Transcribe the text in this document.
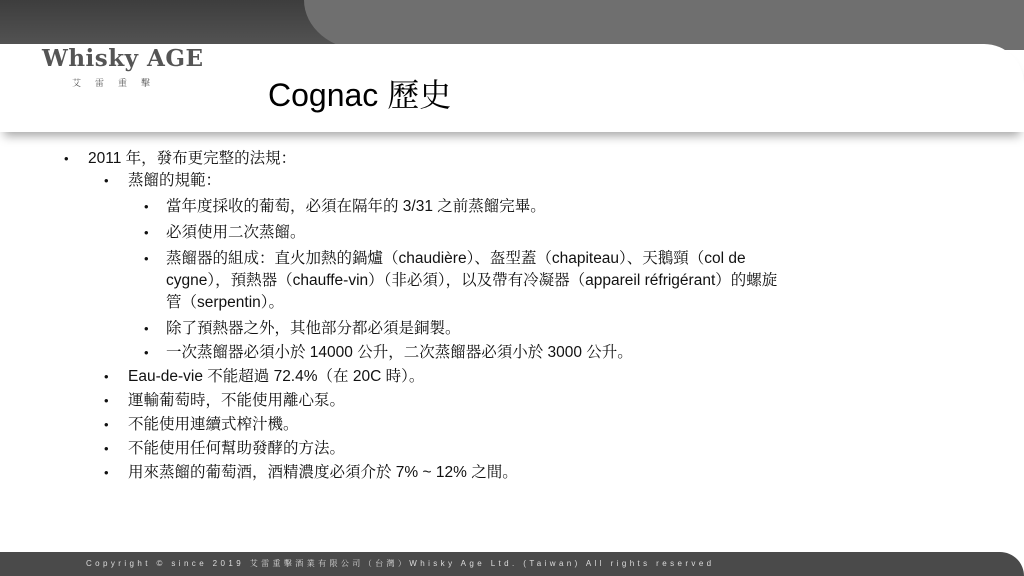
Whisky AGE
艾雷重擊	Cognac 歷史
• 2011 年，發布更完整的法規：
• 蒸餾的規範：
• 當年度採收的葡萄，必須在隔年的 3/31 之前蒸餾完畢。
• 必須使用二次蒸餾。
• 蒸餾器的組成：直火加熱的鍋爐（chaudière）、盔型蓋（chapiteau）、天鵝頸（col de
cygne），預熱器（chauffe-vin）（非必須），以及帶有冷凝器（appareil réfrigérant）的螺旋
管（serpentin）。
• 除了預熱器之外，其他部分都必須是銅製。
• 一次蒸餾器必須小於 14000 公升，二次蒸餾器必須小於 3000 公升。
• Eau-de-vie 不能超過 72.4%（在 20C 時）。
• 運輸葡萄時，不能使用離心泵。
• 不能使用連續式榨汁機。
• 不能使用任何幫助發酵的方法。
• 用來蒸餾的葡萄酒，酒精濃度必須介於 7% ~ 12% 之間。
Copyright © since 2019 艾雷重擊酒業有限公司（台灣）Whisky Age Ltd. (Taiwan) All rights reserved
